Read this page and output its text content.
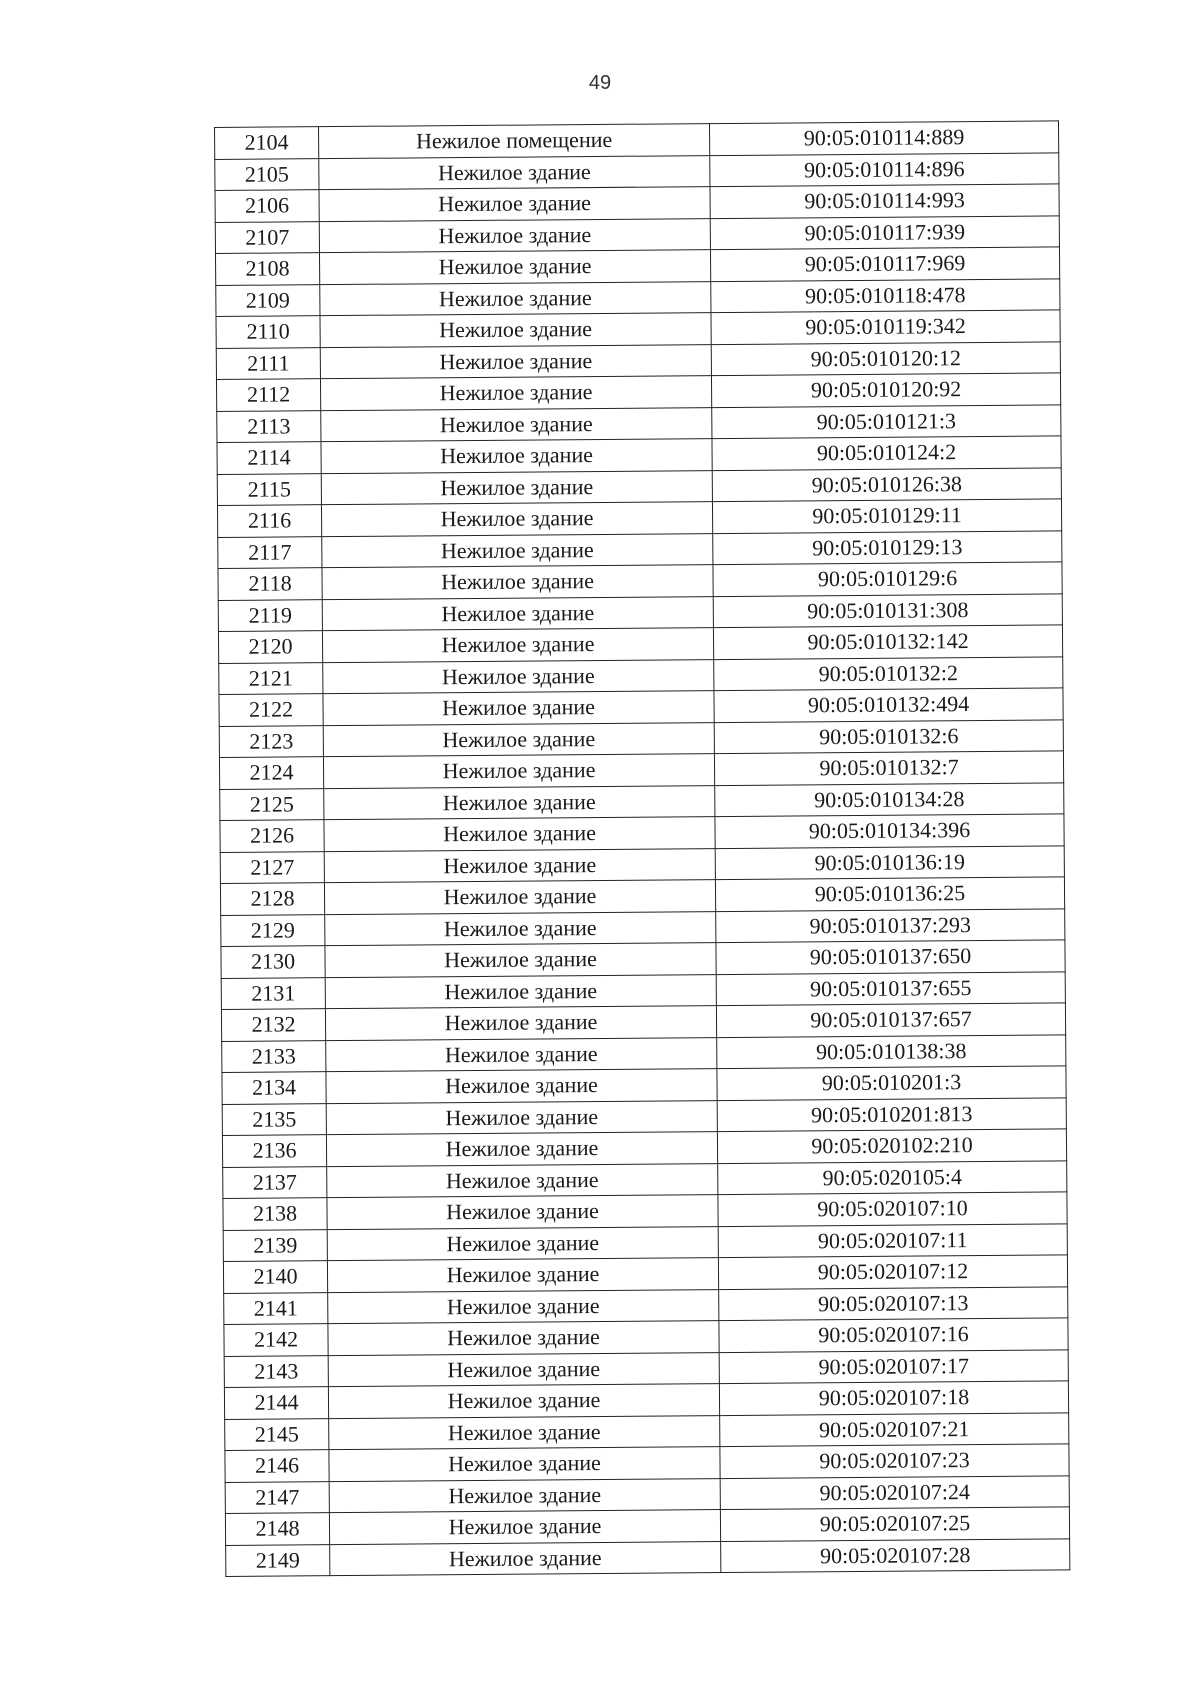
49
2104	Нежилое помещение	90:05:010114:889
2105	Нежилое здание	90:05:010114:896
2106	Нежилое здание	90:05:010114:993
2107	Нежилое здание	90:05:010117:939
2108	Нежилое здание	90:05:010117:969
2109	Нежилое здание	90:05:010118:478
2110	Нежилое здание	90:05:010119:342
2111	Нежилое здание	90:05:010120:12
2112	Нежилое здание	90:05:010120:92
2113	Нежилое здание	90:05:010121:3
2114	Нежилое здание	90:05:010124:2
2115	Нежилое здание	90:05:010126:38
2116	Нежилое здание	90:05:010129:11
2117	Нежилое здание	90:05:010129:13
2118	Нежилое здание	90:05:010129:6
2119	Нежилое здание	90:05:010131:308
2120	Нежилое здание	90:05:010132:142
2121	Нежилое здание	90:05:010132:2
2122	Нежилое здание	90:05:010132:494
2123	Нежилое здание	90:05:010132:6
2124	Нежилое здание	90:05:010132:7
2125	Нежилое здание	90:05:010134:28
2126	Нежилое здание	90:05:010134:396
2127	Нежилое здание	90:05:010136:19
2128	Нежилое здание	90:05:010136:25
2129	Нежилое здание	90:05:010137:293
2130	Нежилое здание	90:05:010137:650
2131	Нежилое здание	90:05:010137:655
2132	Нежилое здание	90:05:010137:657
2133	Нежилое здание	90:05:010138:38
2134	Нежилое здание	90:05:010201:3
2135	Нежилое здание	90:05:010201:813
2136	Нежилое здание	90:05:020102:210
2137	Нежилое здание	90:05:020105:4
2138	Нежилое здание	90:05:020107:10
2139	Нежилое здание	90:05:020107:11
2140	Нежилое здание	90:05:020107:12
2141	Нежилое здание	90:05:020107:13
2142	Нежилое здание	90:05:020107:16
2143	Нежилое здание	90:05:020107:17
2144	Нежилое здание	90:05:020107:18
2145	Нежилое здание	90:05:020107:21
2146	Нежилое здание	90:05:020107:23
2147	Нежилое здание	90:05:020107:24
2148	Нежилое здание	90:05:020107:25
2149	Нежилое здание	90:05:020107:28
